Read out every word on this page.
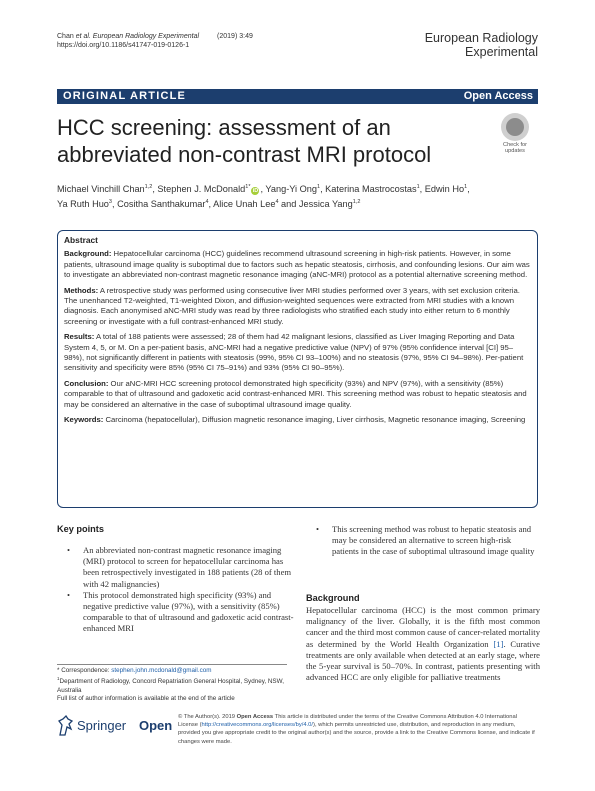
Chan et al. European Radiology Experimental	(2019) 3:49
https://doi.org/10.1186/s41747-019-0126-1
European Radiology
Experimental
ORIGINAL ARTICLE	Open Access
HCC screening: assessment of an
abbreviated non-contrast MRI protocol	Check for
updates
Michael Vinchill Chan$^{1,2}$, Stephen J. McDonald$^{1*}$iD , Yang-Yi Ong$^1$, Katerina Mastrocostas$^1$, Edwin Ho$^1$,
Ya Ruth Huo$^3$, Cositha Santhakumar$^4$, Alice Unah Lee$^4$ and Jessica Yang$^{1,2}$
Abstract

Background: Hepatocellular carcinoma (HCC) guidelines recommend ultrasound screening in high-risk patients. However, in some patients, ultrasound image quality is suboptimal due to factors such as hepatic steatosis, cirrhosis, and confounding lesions. Our aim was to investigate an abbreviated non-contrast magnetic resonance imaging (aNC-MRI) protocol as a potential alternative screening method.

Methods: A retrospective study was performed using consecutive liver MRI studies performed over 3 years, with set exclusion criteria. The unenhanced T2-weighted, T1-weighted Dixon, and diffusion-weighted sequences were extracted from MRI studies with a known diagnosis. Each anonymised aNC-MRI study was read by three radiologists who stratified each study into either return to 6 monthly screening or investigate with a full contrast-enhanced MRI study.

Results: A total of 188 patients were assessed; 28 of them had 42 malignant lesions, classified as Liver Imaging Reporting and Data System 4, 5, or M. On a per-patient basis, aNC-MRI had a negative predictive value (NPV) of 97% (95% confidence interval [CI] 95–98%), not significantly different in patients with steatosis (99%, 95% CI 93–100%) and no steatosis (97%, 95% CI 94–98%). Per-patient sensitivity and specificity were 85% (95% CI 75–91%) and 93% (95% CI 90–95%).

Conclusion: Our aNC-MRI HCC screening protocol demonstrated high specificity (93%) and NPV (97%), with a sensitivity (85%) comparable to that of ultrasound and gadoxetic acid contrast-enhanced MRI. This screening method was robust to hepatic steatosis and may be considered an alternative in the case of suboptimal ultrasound image quality.

Keywords: Carcinoma (hepatocellular), Diffusion magnetic resonance imaging, Liver cirrhosis, Magnetic resonance imaging, Screening

Key points
• An abbreviated non-contrast magnetic resonance imaging (MRI) protocol to screen for hepatocellular carcinoma has been retrospectively investigated in 188 patients (28 of them with 42 malignancies)
• This protocol demonstrated high specificity (93%) and negative predictive value (97%), with a sensitivity (85%) comparable to that of ultrasound and gadoxetic acid contrast-enhanced MRI
• This screening method was robust to hepatic steatosis and may be considered an alternative to screen high-risk patients in the case of suboptimal ultrasound image quality
* Correspondence: stephen.john.mcdonald@gmail.com
$^1$Department of Radiology, Concord Repatriation General Hospital, Sydney, NSW, Australia
Full list of author information is available at the end of the article
Background
Hepatocellular carcinoma (HCC) is the most common primary malignancy of the liver. Globally, it is the fifth most common cancer and the third most common cause of cancer-related mortality as determined by the World Health Organization [1]. Curative treatments are only available when detected at an early stage, where the 5-year survival is 50–70%. In contrast, patients presenting with advanced HCC are only eligible for palliative treatments
Springer Open
© The Author(s). 2019 Open Access This article is distributed under the terms of the Creative Commons Attribution 4.0 International License (http://creativecommons.org/licenses/by/4.0/), which permits unrestricted use, distribution, and reproduction in any medium, provided you give appropriate credit to the original author(s) and the source, provide a link to the Creative Commons license, and indicate if changes were made.
